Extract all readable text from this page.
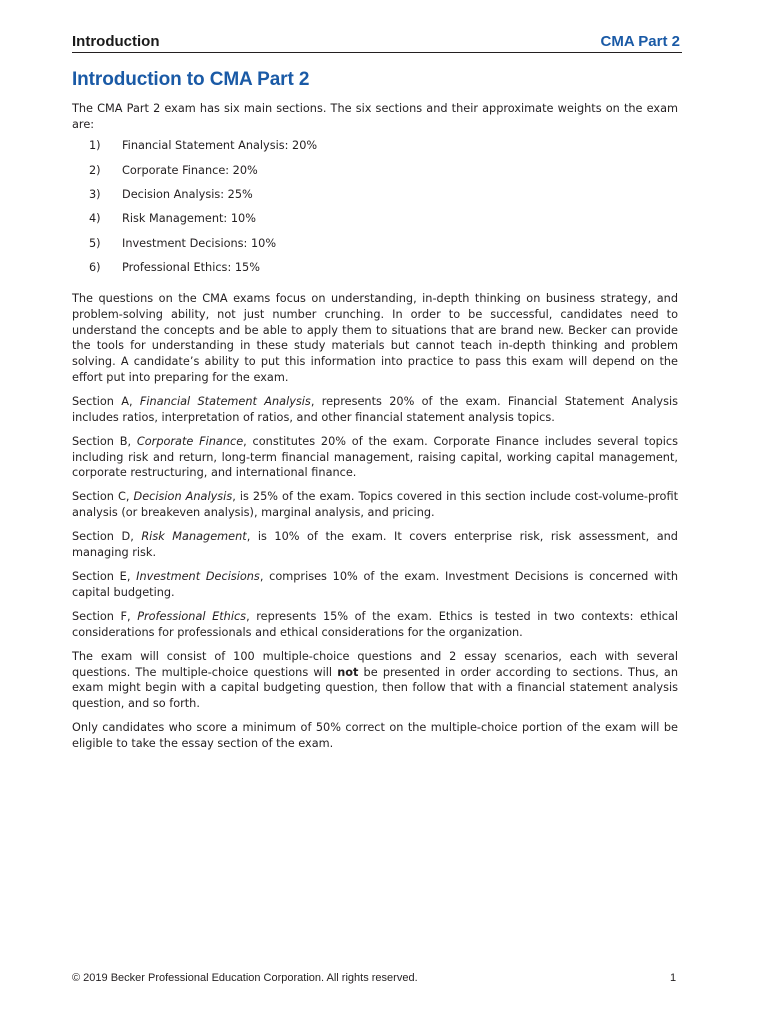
Introduction	CMA Part 2
Introduction to CMA Part 2

The CMA Part 2 exam has six main sections. The six sections and their approximate weights on the exam are:

1) Financial Statement Analysis: 20%
2) Corporate Finance: 20%
3) Decision Analysis: 25%
4) Risk Management: 10%
5) Investment Decisions: 10%
6) Professional Ethics: 15%

The questions on the CMA exams focus on understanding, in-depth thinking on business strategy, and problem-solving ability, not just number crunching. In order to be successful, candidates need to understand the concepts and be able to apply them to situations that are brand new. Becker can provide the tools for understanding in these study materials but cannot teach in-depth thinking and problem solving. A candidate’s ability to put this information into practice to pass this exam will depend on the effort put into preparing for the exam.

Section A, Financial Statement Analysis, represents 20% of the exam. Financial Statement Analysis includes ratios, interpretation of ratios, and other financial statement analysis topics.

Section B, Corporate Finance, constitutes 20% of the exam. Corporate Finance includes several topics including risk and return, long-term financial management, raising capital, working capital management, corporate restructuring, and international finance.

Section C, Decision Analysis, is 25% of the exam. Topics covered in this section include cost-volume-profit analysis (or breakeven analysis), marginal analysis, and pricing.

Section D, Risk Management, is 10% of the exam. It covers enterprise risk, risk assessment, and managing risk.

Section E, Investment Decisions, comprises 10% of the exam. Investment Decisions is concerned with capital budgeting.

Section F, Professional Ethics, represents 15% of the exam. Ethics is tested in two contexts: ethical considerations for professionals and ethical considerations for the organization.

The exam will consist of 100 multiple-choice questions and 2 essay scenarios, each with several questions. The multiple-choice questions will not be presented in order according to sections. Thus, an exam might begin with a capital budgeting question, then follow that with a financial statement analysis question, and so forth.

Only candidates who score a minimum of 50% correct on the multiple-choice portion of the exam will be eligible to take the essay section of the exam.

© 2019 Becker Professional Education Corporation. All rights reserved.	1
